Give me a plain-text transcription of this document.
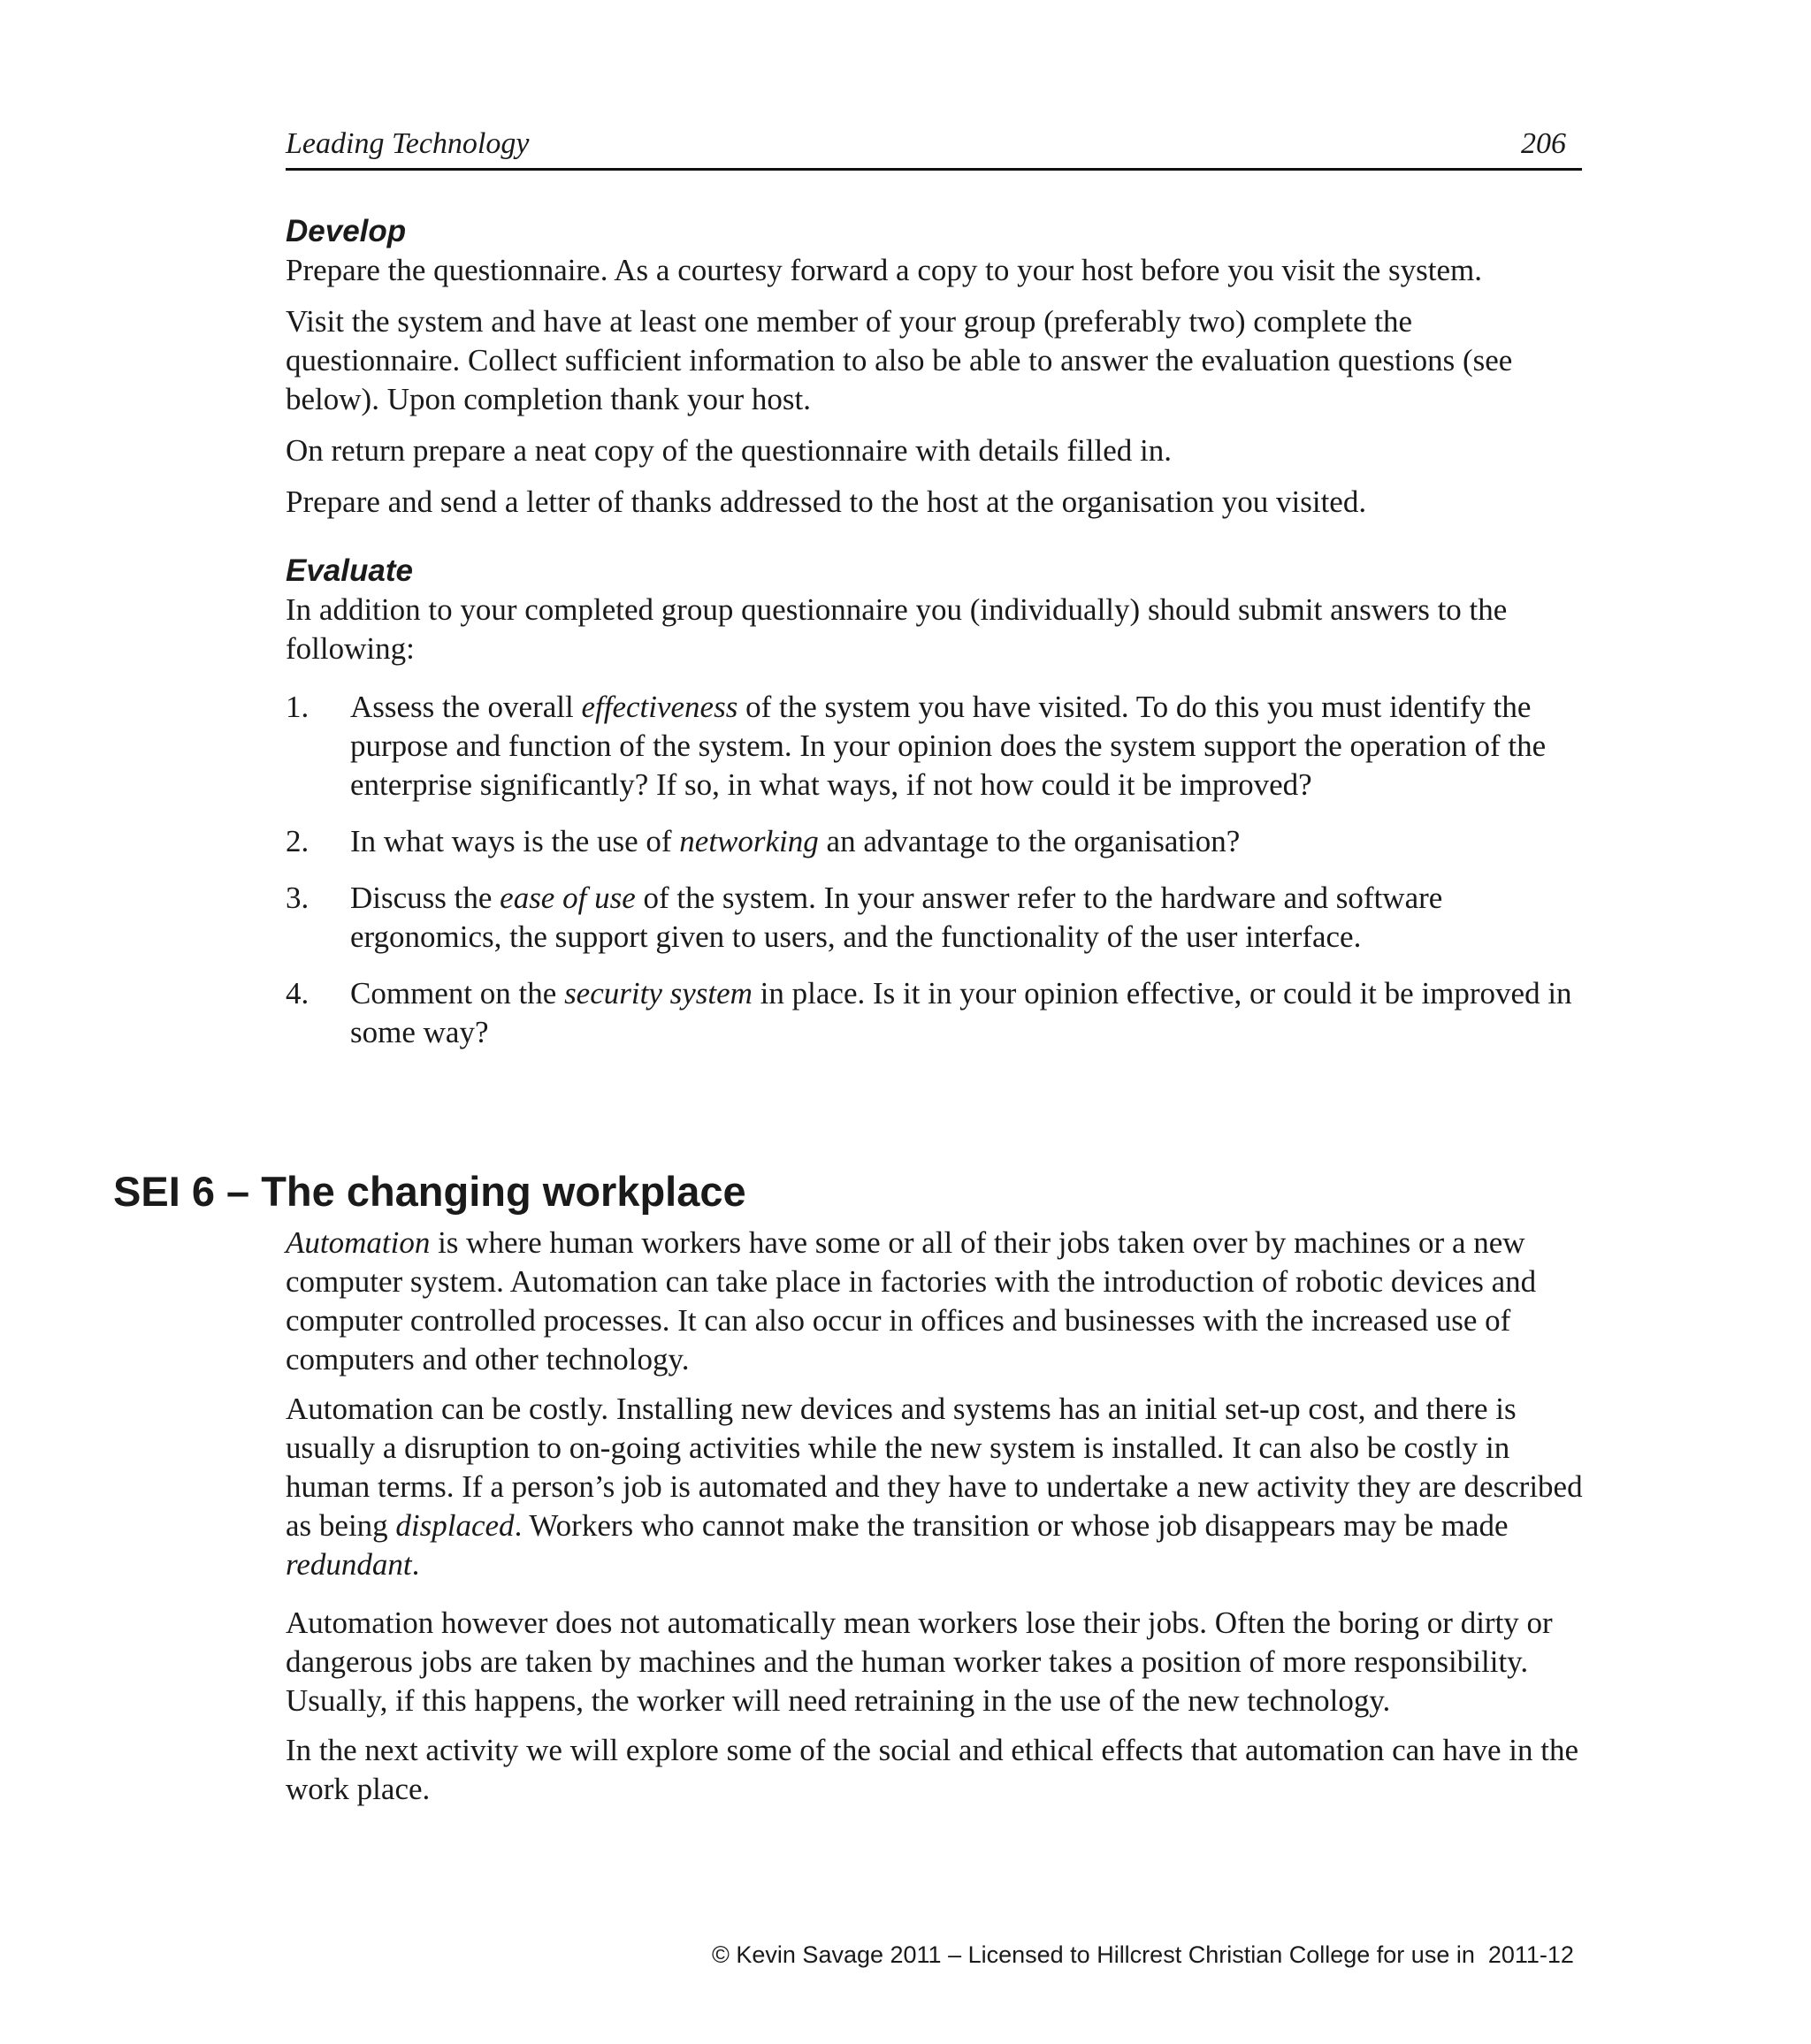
Leading Technology	206
Develop

Prepare the questionnaire. As a courtesy forward a copy to your host before you visit the system.

Visit the system and have at least one member of your group (preferably two) complete the questionnaire. Collect sufficient information to also be able to answer the evaluation questions (see below). Upon completion thank your host.

On return prepare a neat copy of the questionnaire with details filled in.

Prepare and send a letter of thanks addressed to the host at the organisation you visited.

Evaluate

In addition to your completed group questionnaire you (individually) should submit answers to the following:

1. Assess the overall effectiveness of the system you have visited. To do this you must identify the purpose and function of the system. In your opinion does the system support the operation of the enterprise significantly? If so, in what ways, if not how could it be improved?
2. In what ways is the use of networking an advantage to the organisation?
3. Discuss the ease of use of the system. In your answer refer to the hardware and software ergonomics, the support given to users, and the functionality of the user interface.
4. Comment on the security system in place. Is it in your opinion effective, or could it be improved in some way?
SEI 6 – The changing workplace

Automation is where human workers have some or all of their jobs taken over by machines or a new computer system. Automation can take place in factories with the introduction of robotic devices and computer controlled processes. It can also occur in offices and businesses with the increased use of computers and other technology.

Automation can be costly. Installing new devices and systems has an initial set-up cost, and there is usually a disruption to on-going activities while the new system is installed. It can also be costly in human terms. If a person’s job is automated and they have to undertake a new activity they are described as being displaced. Workers who cannot make the transition or whose job disappears may be made redundant.

Automation however does not automatically mean workers lose their jobs. Often the boring or dirty or dangerous jobs are taken by machines and the human worker takes a position of more responsibility. Usually, if this happens, the worker will need retraining in the use of the new technology.

In the next activity we will explore some of the social and ethical effects that automation can have in the work place.

© Kevin Savage 2011 – Licensed to Hillcrest Christian College for use in  2011-12
